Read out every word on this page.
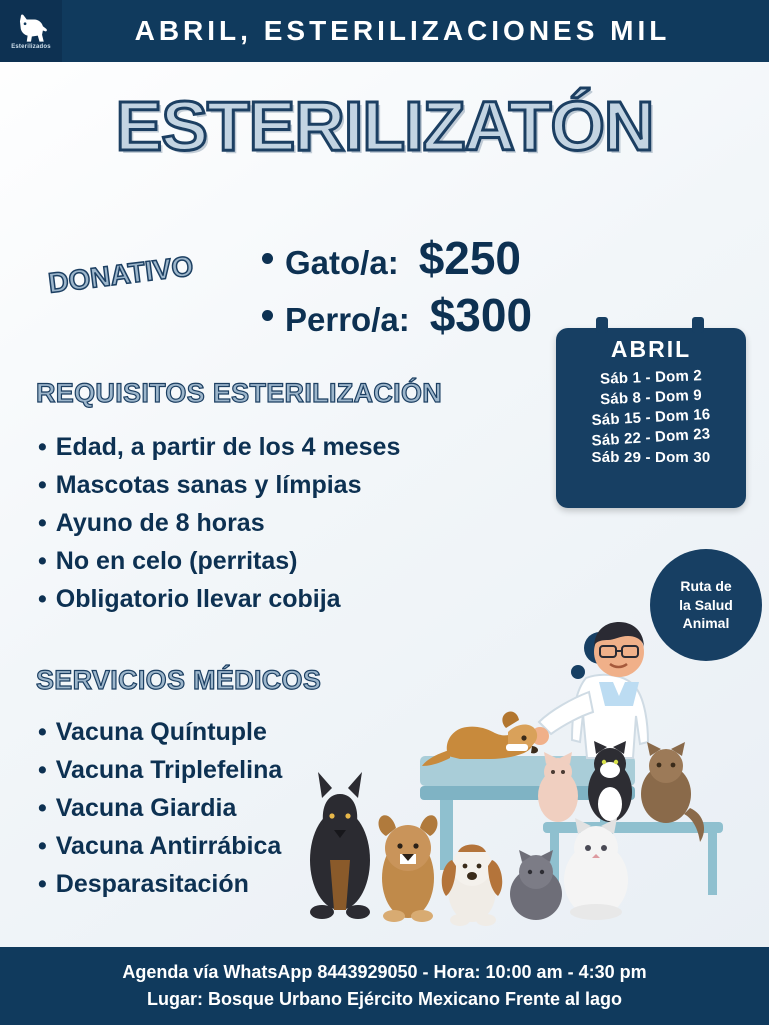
Esterilizados
ABRIL, ESTERILIZACIONES MIL
ESTERILIZATÓN
DONATIVO	Gato/a: $250
Perro/a: $300
REQUISITOS ESTERILIZACIÓN
• Edad, a partir de los 4 meses
• Mascotas sanas y límpias
• Ayuno de 8 horas
• No en celo (perritas)
• Obligatorio llevar cobija
SERVICIOS MÉDICOS
• Vacuna Quíntuple
• Vacuna Triplefelina
• Vacuna Giardia
• Vacuna Antirrábica
• Desparasitación
ABRIL
Sáb 1 - Dom 2
Sáb 8 - Dom 9
Sáb 15 - Dom 16
Sáb 22 - Dom 23
Sáb 29 - Dom 30
Ruta de
la Salud
Animal
Agenda vía WhatsApp 8443929050 - Hora: 10:00 am - 4:30 pm
Lugar: Bosque Urbano Ejército Mexicano Frente al lago
